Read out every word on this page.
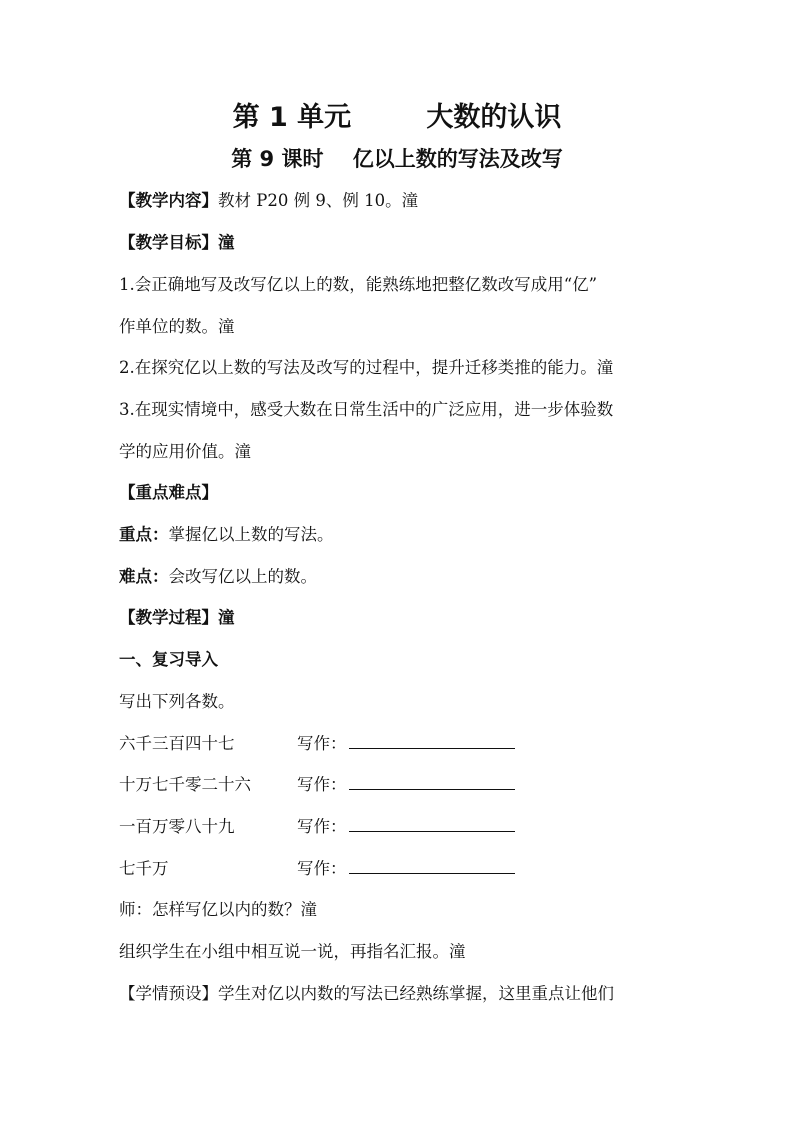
第 1 单元        大数的认识
第 9 课时    亿以上数的写法及改写
【教学内容】教材 P20 例 9、例 10。潼
【教学目标】潼
1.会正确地写及改写亿以上的数，能熟练地把整亿数改写成用“亿”
作单位的数。潼
2.在探究亿以上数的写法及改写的过程中，提升迁移类推的能力。潼
3.在现实情境中，感受大数在日常生活中的广泛应用，进一步体验数
学的应用价值。潼
【重点难点】
重点：掌握亿以上数的写法。
难点：会改写亿以上的数。
【教学过程】潼
一、复习导入
写出下列各数。
六千三百四十七	写作：
十万七千零二十六	写作：
一百万零八十九	写作：
七千万	写作：
师：怎样写亿以内的数？潼
组织学生在小组中相互说一说，再指名汇报。潼
【学情预设】学生对亿以内数的写法已经熟练掌握，这里重点让他们
